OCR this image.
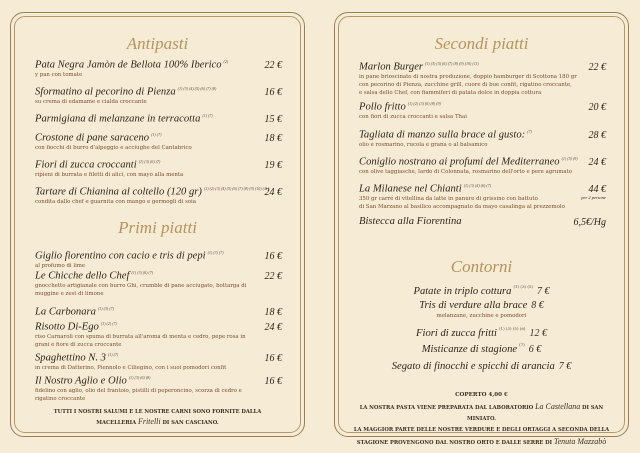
Antipasti
Pata Negra Jamòn de Bellota 100% Iberico $^{(2)}$
y pan con tomate
22 €
Sformatino al pecorino di Pienza $^{(1) (3) (4) (5) (6) (7) (8)}$
su crema di edamame e cialda croccante
16 €
Parmigiana di melanzane in terracotta $^{(1) (7)}$	15 €
Crostone di pane saraceno $^{(1) (7)}$
con fiocchi di burro d'alpeggio e acciughe del Cantabrico
18 €
Fiori di zucca croccanti $^{(1) (3) (6) (7)}$
ripieni di burrata e filetti di alici, con mayo alla menta
19 €
Tartare di Chianina al coltello (120 gr) $^{(1) (2) (3) (4) (5) (6) (7) (8) (9) (10) (11)}$
condita dallo chef e guarnita con mango e germogli di soia
24 €
Primi piatti
Giglio fiorentino con cacio e tris di pepi $^{(1) (3) (7)}$
al profumo di lime
16 €
Le Chicche dello Chef $^{(1) (3) (6) (7)}$
gnocchetto artigianale con burro Ghi, crumble di pane acciugato, bottarga di
muggine e zest di limone
22 €
La Carbonara $^{(1) (3) (7)}$	18 €
Risotto Di-Ego $^{(1) (2) (7)}$
riso Carnaroli con spuma di burrata all'aroma di menta e cedro, pepe rosa in
grani e fiore di zucca croccante
24 €
Spaghettino N. 3 $^{(1) (7)}$
in crema di Datterino, Piennolo e Ciliegino, con i suoi pomodori confit
16 €
Il Nostro Aglio e Olio $^{(1) (3) (6) (8)}$
fidelino con aglio, olio del frantoio, pistilli di peperoncino, scorza di cedro e
rigatino croccante
16 €
TUTTI I NOSTRI SALUMI E LE NOSTRE CARNI SONO FORNITE DALLA
MACELLERIA Fritelli DI SAN CASCIANO.
Secondi piatti
Marlon Burger $^{(1) (3) (5) (6) (7) (8) (9) (10) (11)}$
in pane brioscinato di nostra produzione, doppio hamburger di Scottona 180 gr
con pecorino di Pienza, zucchine grill, cuore di bue confit, rigatino croccante,
e salsa dello Chef, con fiammiferi di patata dolce in doppia cottura
22 €
Pollo fritto $^{(1) (2) (3) (6) (8) (9)}$
con fiori di zucca croccanti e salsa Thai
20 €
Tagliata di manzo sulla brace al gusto: $^{(7)}$
olio e rosmarino, rucola e grana o al balsamico
28 €
Coniglio nostrano ai profumi del Mediterraneo $^{(1) (5) (9)}$
con olive taggiasche, lardo di Colonnata, rosmarino dell'orto e pere agrumato
24 €
La Milanese nel Chianti $^{(1) (3) (4) (6) (7)}$
350 gr carré di vitellina da latte in panure di grissino con battuto
di San Marzano al basilico accompagnato da mayo casalinga al prezzemolo
44 €
per 2 persone
Bistecca alla Fiorentina	6,5€/Hg
Contorni
Patate in triplo cottura $^{(1) (3) (5)}$ 7 €
Tris di verdure alla brace 8 €
melanzane, zucchine e pomodori
Fiori di zucca fritti $^{(1) (3) (5) (6)}$ 12 €
Misticanze di stagione $^{(7)}$ 6 €
Segato di finocchi e spicchi di arancia 7 €
COPERTO 4,00 €
LA NOSTRA PASTA VIENE PREPARATA DAL LABORATORIO La Castellana DI SAN MINIATO.
LA MAGGIOR PARTE DELLE NOSTRE VERDURE E DEGLI ORTAGGI A SECONDA DELLA
STAGIONE PROVENGONO DAL NOSTRO ORTO E DALLE SERRE DI Tenuta Mazzabò
